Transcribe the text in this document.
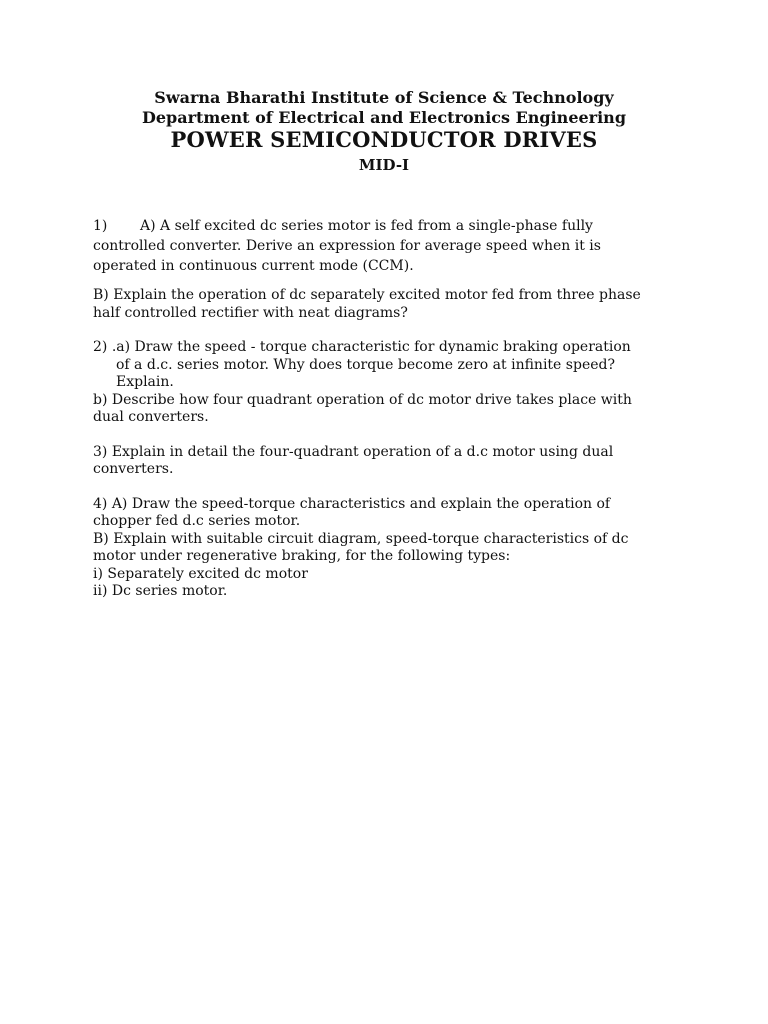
Swarna Bharathi Institute of Science & Technology
Department of Electrical and Electronics Engineering
POWER SEMICONDUCTOR DRIVES
MID-I
1) A) A self excited dc series motor is fed from a single-phase fully
controlled converter. Derive an expression for average speed when it is
operated in continuous current mode (CCM).
B) Explain the operation of dc separately excited motor fed from three phase
half controlled rectifier with neat diagrams?
2) .a) Draw the speed - torque characteristic for dynamic braking operation
of a d.c. series motor. Why does torque become zero at infinite speed?
Explain.
b) Describe how four quadrant operation of dc motor drive takes place with
dual converters.
3) Explain in detail the four-quadrant operation of a d.c motor using dual
converters.
4) A) Draw the speed-torque characteristics and explain the operation of
chopper fed d.c series motor.
B) Explain with suitable circuit diagram, speed-torque characteristics of dc
motor under regenerative braking, for the following types:
i) Separately excited dc motor
ii) Dc series motor.
